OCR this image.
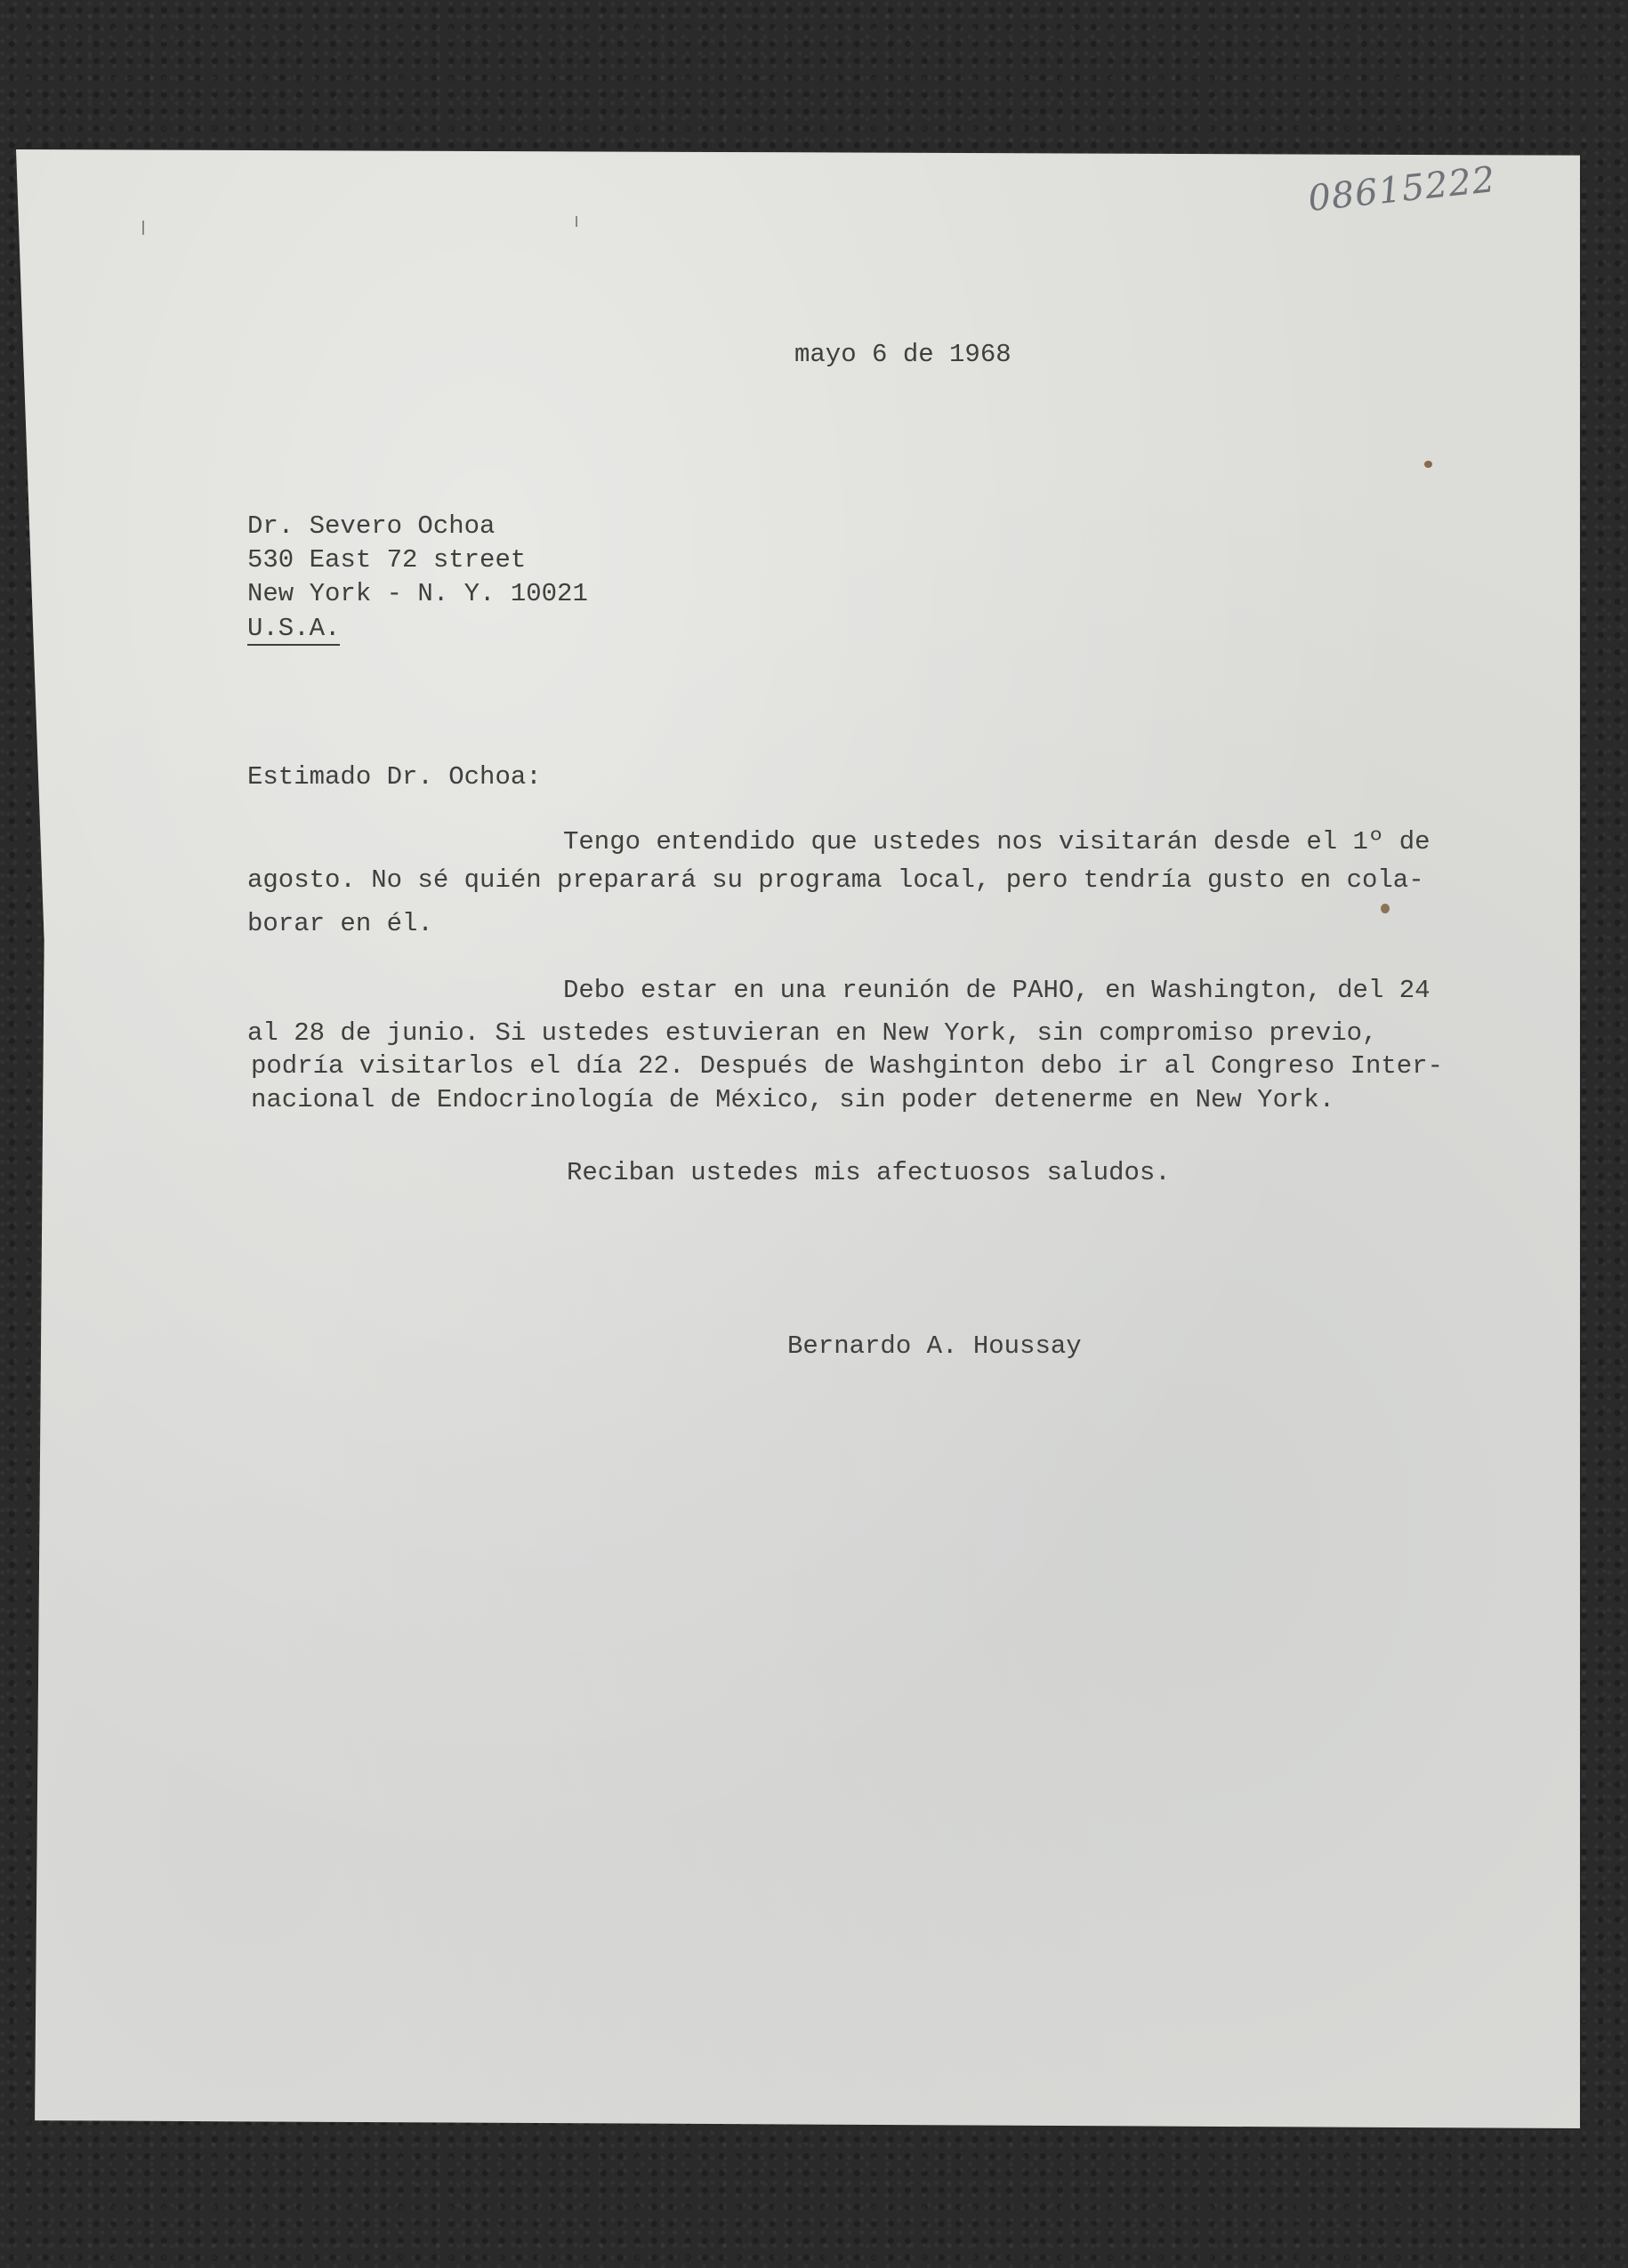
08615222
mayo 6 de 1968
Dr. Severo Ochoa
530 East 72 street
New York - N. Y. 10021
U.S.A.
Estimado Dr. Ochoa:
Tengo entendido que ustedes nos visitarán desde el 1º de
agosto. No sé quién preparará su programa local, pero tendría gusto en cola-
borar en él.
Debo estar en una reunión de PAHO, en Washington, del 24
al 28 de junio. Si ustedes estuvieran en New York, sin compromiso previo,
podría visitarlos el día 22. Después de Washginton debo ir al Congreso Inter-
nacional de Endocrinología de México, sin poder detenerme en New York.
Reciban ustedes mis afectuosos saludos.
Bernardo A. Houssay
